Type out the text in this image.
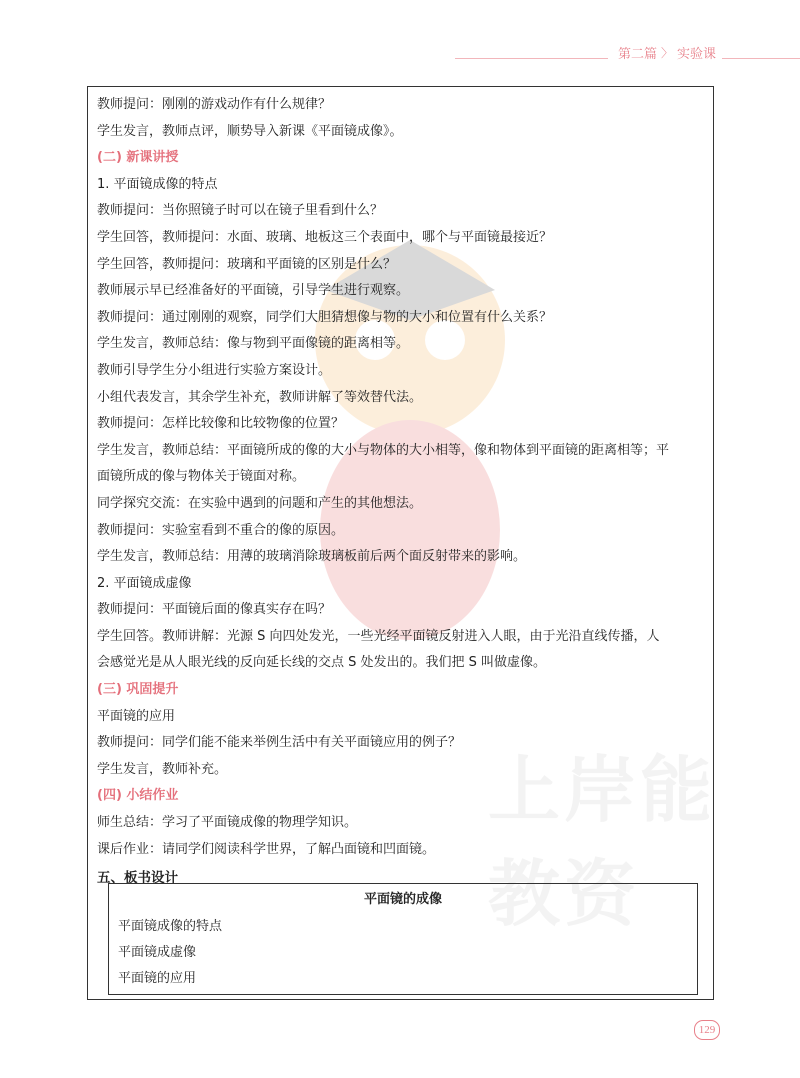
第二篇 〉 实验课
上岸能教资

教师提问：刚刚的游戏动作有什么规律？

学生发言，教师点评，顺势导入新课《平面镜成像》。

(二) 新课讲授

1. 平面镜成像的特点

教师提问：当你照镜子时可以在镜子里看到什么？

学生回答，教师提问：水面、玻璃、地板这三个表面中，哪个与平面镜最接近？

学生回答，教师提问：玻璃和平面镜的区别是什么？

教师展示早已经准备好的平面镜，引导学生进行观察。

教师提问：通过刚刚的观察，同学们大胆猜想像与物的大小和位置有什么关系？

学生发言，教师总结：像与物到平面像镜的距离相等。

教师引导学生分小组进行实验方案设计。

小组代表发言，其余学生补充，教师讲解了等效替代法。

教师提问：怎样比较像和比较物像的位置？

学生发言，教师总结：平面镜所成的像的大小与物体的大小相等，像和物体到平面镜的距离相等；平

面镜所成的像与物体关于镜面对称。

同学探究交流：在实验中遇到的问题和产生的其他想法。

教师提问：实验室看到不重合的像的原因。

学生发言，教师总结：用薄的玻璃消除玻璃板前后两个面反射带来的影响。

2. 平面镜成虚像

教师提问：平面镜后面的像真实存在吗？

学生回答。教师讲解：光源 S 向四处发光，一些光经平面镜反射进入人眼，由于光沿直线传播，人

会感觉光是从人眼光线的反向延长线的交点 S 处发出的。我们把 S 叫做虚像。

(三) 巩固提升

平面镜的应用

教师提问：同学们能不能来举例生活中有关平面镜应用的例子？

学生发言，教师补充。

(四) 小结作业

师生总结：学习了平面镜成像的物理学知识。

课后作业：请同学们阅读科学世界，了解凸面镜和凹面镜。

五、板书设计

平面镜的成像
平面镜成像的特点
平面镜成虚像
平面镜的应用
129
